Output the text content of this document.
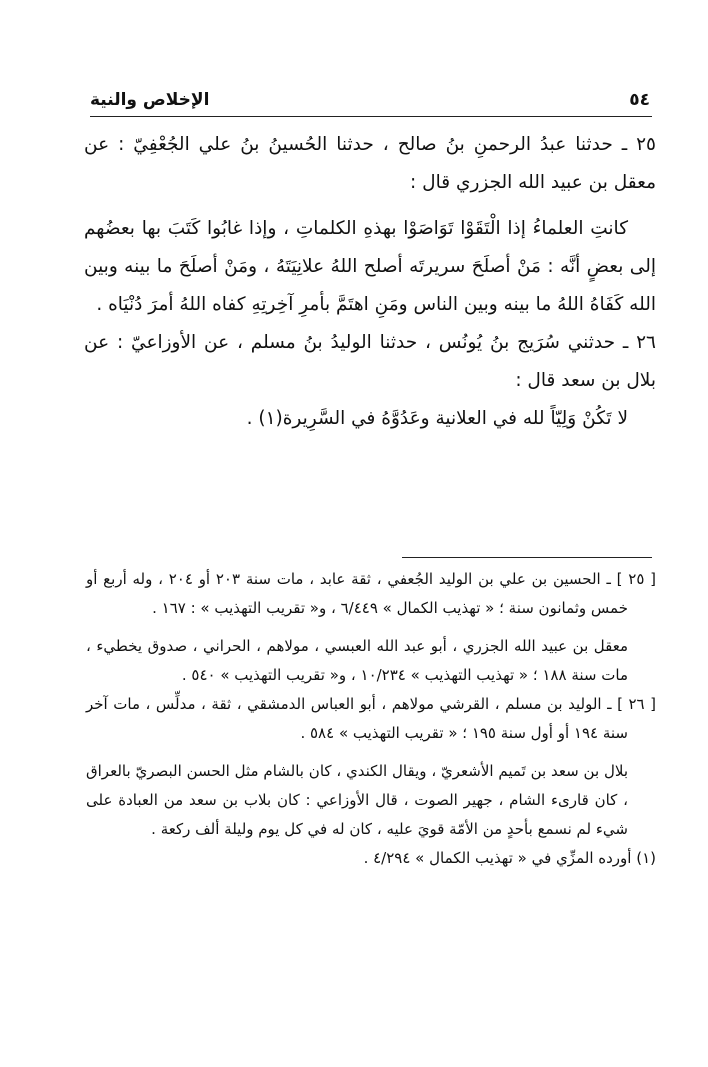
٥٤
الإخلاص والنية

٢٥ ـ حدثنا عبدُ الرحمنِ بنُ صالح ، حدثنا الحُسينُ بنُ علي الجُعْفِيّ : عن معقل بن عبيد الله الجزري قال :

كانتِ العلماءُ إذا الْتَقَوْا تَوَاصَوْا بهذهِ الكلماتِ ، وإذا غابُوا كَتَبَ بها بعضُهم إلى بعضٍ أنَّه : مَنْ أصلَحَ سريرتَه أصلح اللهُ علانِيَتَهُ ، ومَنْ أصلَحَ ما بينه وبين الله كَفَاهُ اللهُ ما بينه وبين الناس ومَنِ اهتَمَّ بأمرِ آخِرتِهِ كفاه اللهُ أمرَ دُنْيَاه .

٢٦ ـ حدثني سُرَيج بنُ يُونُس ، حدثنا الوليدُ بنُ مسلم ، عن الأوزاعيّ : عن بلال بن سعد قال :

لا تَكُنْ وَلِيّاً لله في العلانية وعَدُوَّهُ في السَّرِيرة(١) .

[ ٢٥ ] ـ الحسين بن علي بن الوليد الجُعفي ، ثقة عابد ، مات سنة ٢٠٣ أو ٢٠٤ ، وله أربع أو خمس وثمانون سنة ؛ « تهذيب الكمال » ٦/٤٤٩ ، و« تقريب التهذيب » : ١٦٧ .

معقل بن عبيد الله الجزري ، أبو عبد الله العبسي ، مولاهم ، الحراني ، صدوق يخطيء ، مات سنة ١٨٨ ؛ « تهذيب التهذيب » ١٠/٢٣٤ ، و« تقريب التهذيب » ٥٤٠ .

[ ٢٦ ] ـ الوليد بن مسلم ، القرشي مولاهم ، أبو العباس الدمشقي ، ثقة ، مدلِّس ، مات آخر سنة ١٩٤ أو أول سنة ١٩٥ ؛ « تقريب التهذيب » ٥٨٤ .

بلال بن سعد بن تَميم الأشعريّ ، ويقال الكندي ، كان بالشام مثل الحسن البصريّ بالعراق ، كان قارىء الشام ، جهير الصوت ، قال الأوزاعي : كان بلاب بن سعد من العبادة على شيء لم نسمع بأحدٍ من الأمّة قويَ عليه ، كان له في كل يوم وليلة ألف ركعة .

(١) أورده المزِّي في « تهذيب الكمال » ٤/٢٩٤ .
